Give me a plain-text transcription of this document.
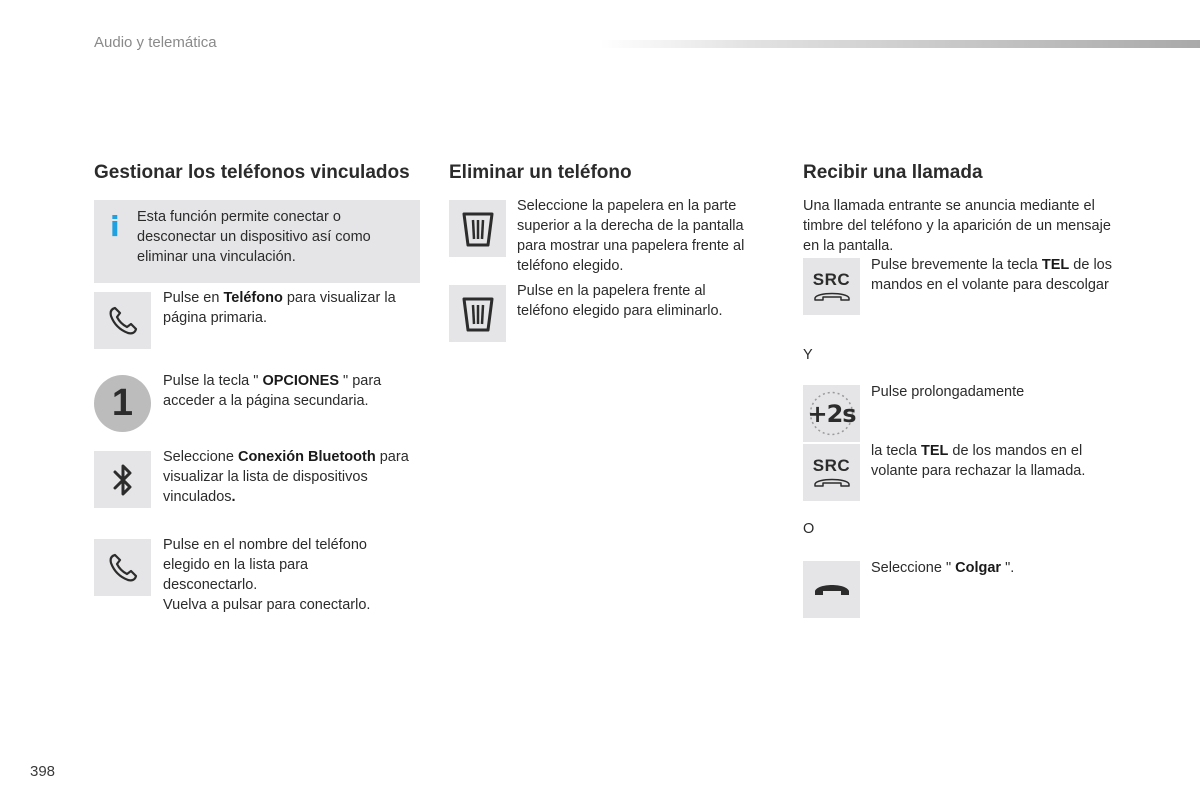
Audio y telemática
Gestionar los teléfonos vinculados
i Esta función permite conectar o desconectar un dispositivo así como eliminar una vinculación.
Pulse en Teléfono para visualizar la página primaria.
1
Pulse la tecla " OPCIONES " para acceder a la página secundaria.
Seleccione Conexión Bluetooth para visualizar la lista de dispositivos vinculados.
Pulse en el nombre del teléfono elegido en la lista para desconectarlo.
Vuelva a pulsar para conectarlo.
Eliminar un teléfono
Seleccione la papelera en la parte superior a la derecha de la pantalla para mostrar una papelera frente al teléfono elegido.
Pulse en la papelera frente al teléfono elegido para eliminarlo.
Recibir una llamada
Una llamada entrante se anuncia mediante el timbre del teléfono y la aparición de un mensaje en la pantalla.
SRC
Pulse brevemente la tecla TEL de los mandos en el volante para descolgar
Y
+2s
Pulse prolongadamente
SRC
la tecla TEL de los mandos en el volante para rechazar la llamada.
O
Seleccione " Colgar ".
398
